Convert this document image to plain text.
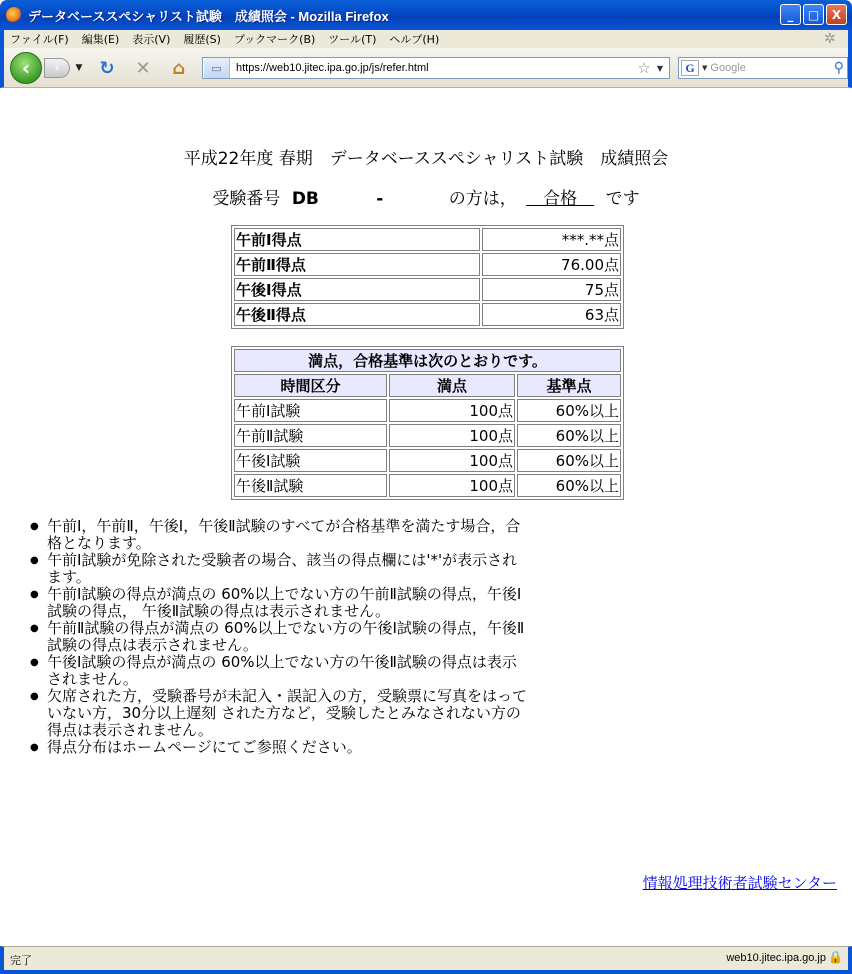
データベーススペシャリスト試験　成績照会 - Mozilla Firefox	_	□	X
ファイル(F)	編集(E)	表示(V)	履歴(S)	ブックマーク(B)	ツール(T)	ヘルプ(H)	✲
‹	›	▼ ↻ ✕ ⌂	▭	https://web10.jitec.ipa.go.jp/js/refer.html	☆ ▼	G	▼ Google	⚲
平成22年度 春期　データベーススペシャリスト試験　成績照会
受験番号 DB	-	の方は， 　合格　 です
午前Ⅰ得点	***.**点
午前Ⅱ得点	76.00点
午後Ⅰ得点	75点
午後Ⅱ得点	63点
満点，合格基準は次のとおりです。		
時間区分	満点	基準点
午前Ⅰ試験	100点	60%以上
午前Ⅱ試験	100点	60%以上
午後Ⅰ試験	100点	60%以上
午後Ⅱ試験	100点	60%以上
● 午前Ⅰ，午前Ⅱ，午後Ⅰ，午後Ⅱ試験のすべてが合格基準を満たす場合，合格となります。
● 午前Ⅰ試験が免除された受験者の場合、該当の得点欄には'*'が表示されます。
● 午前Ⅰ試験の得点が満点の 60%以上でない方の午前Ⅱ試験の得点，午後Ⅰ試験の得点， 午後Ⅱ試験の得点は表示されません。
● 午前Ⅱ試験の得点が満点の 60%以上でない方の午後Ⅰ試験の得点，午後Ⅱ試験の得点は表示されません。
● 午後Ⅰ試験の得点が満点の 60%以上でない方の午後Ⅱ試験の得点は表示されません。
● 欠席された方，受験番号が未記入・誤記入の方，受験票に写真をはっていない方，30分以上遅刻 された方など，受験したとみなされない方の得点は表示されません。
● 得点分布はホームページにてご参照ください。
情報処理技術者試験センター
完了	web10.jitec.ipa.go.jp 🔒
